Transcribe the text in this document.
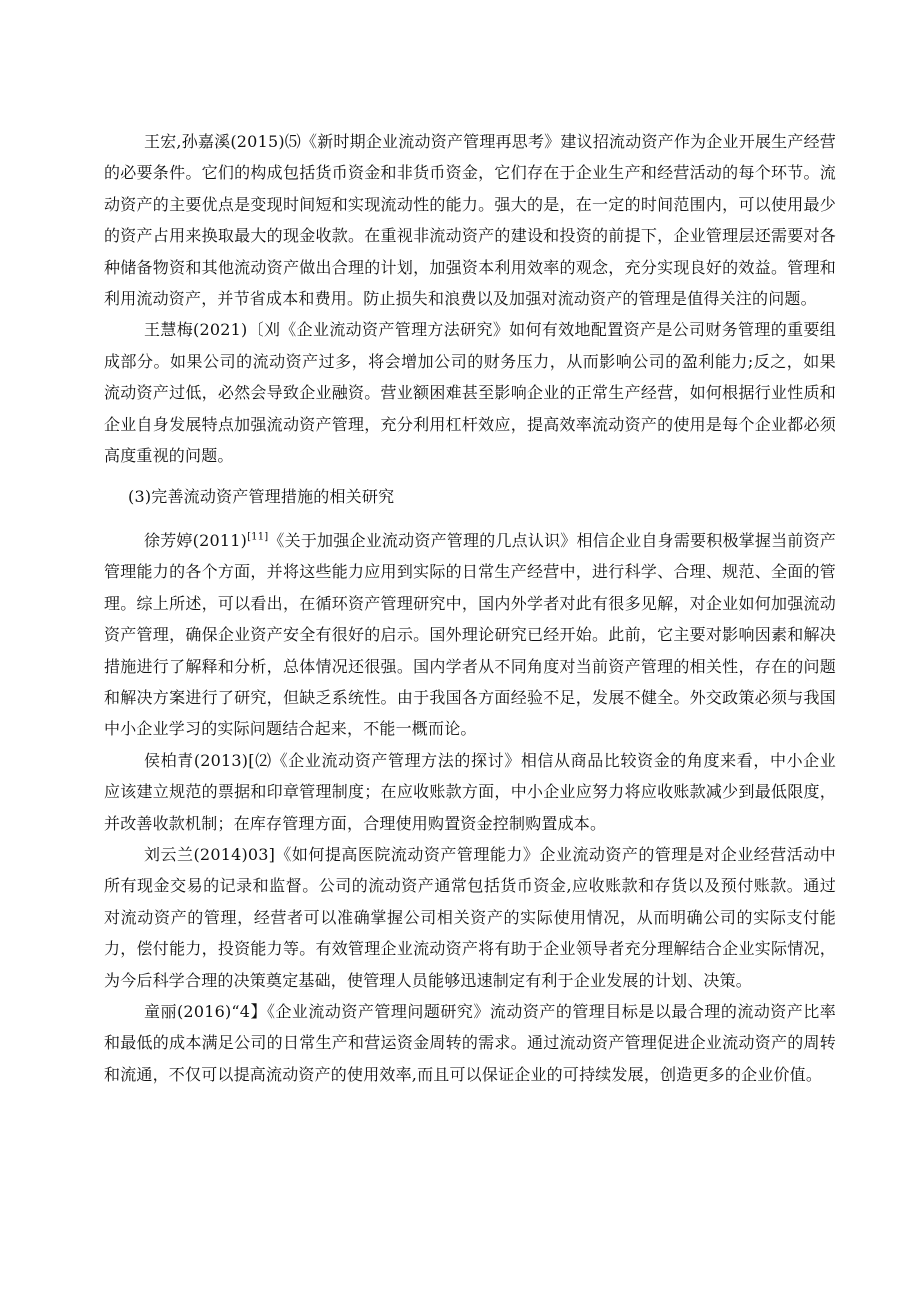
王宏,孙嘉溪(2015)⑸《新时期企业流动资产管理再思考》建议招流动资产作为企业开展生产经营的必要条件。它们的构成包括货币资金和非货币资金，它们存在于企业生产和经营活动的每个环节。流动资产的主要优点是变现时间短和实现流动性的能力。强大的是，在一定的时间范围内，可以使用最少的资产占用来换取最大的现金收款。在重视非流动资产的建设和投资的前提下，企业管理层还需要对各种储备物资和其他流动资产做出合理的计划，加强资本利用效率的观念，充分实现良好的效益。管理和利用流动资产，并节省成本和费用。防止损失和浪费以及加强对流动资产的管理是值得关注的问题。

王慧梅(2021)〔刈《企业流动资产管理方法研究》如何有效地配置资产是公司财务管理的重要组成部分。如果公司的流动资产过多，将会增加公司的财务压力，从而影响公司的盈利能力;反之，如果流动资产过低，必然会导致企业融资。营业额困难甚至影响企业的正常生产经营，如何根据行业性质和企业自身发展特点加强流动资产管理，充分利用杠杆效应，提高效率流动资产的使用是每个企业都必须高度重视的问题。

(3)完善流动资产管理措施的相关研究

徐芳婷(2011)[11]《关于加强企业流动资产管理的几点认识》相信企业自身需要积极掌握当前资产管理能力的各个方面，并将这些能力应用到实际的日常生产经营中，进行科学、合理、规范、全面的管理。综上所述，可以看出，在循环资产管理研究中，国内外学者对此有很多见解，对企业如何加强流动资产管理，确保企业资产安全有很好的启示。国外理论研究已经开始。此前，它主要对影响因素和解决措施进行了解释和分析，总体情况还很强。国内学者从不同角度对当前资产管理的相关性，存在的问题和解决方案进行了研究，但缺乏系统性。由于我国各方面经验不足，发展不健全。外交政策必须与我国中小企业学习的实际问题结合起来，不能一概而论。

侯柏青(2013)[⑵《企业流动资产管理方法的探讨》相信从商品比较资金的角度来看，中小企业应该建立规范的票据和印章管理制度；在应收账款方面，中小企业应努力将应收账款减少到最低限度，并改善收款机制；在库存管理方面，合理使用购置资金控制购置成本。

刘云兰(2014)03]《如何提高医院流动资产管理能力》企业流动资产的管理是对企业经营活动中所有现金交易的记录和监督。公司的流动资产通常包括货币资金,应收账款和存货以及预付账款。通过对流动资产的管理，经营者可以准确掌握公司相关资产的实际使用情况，从而明确公司的实际支付能力，偿付能力，投资能力等。有效管理企业流动资产将有助于企业领导者充分理解结合企业实际情况，为今后科学合理的决策奠定基础，使管理人员能够迅速制定有利于企业发展的计划、决策。

童丽(2016)“4】《企业流动资产管理问题研究》流动资产的管理目标是以最合理的流动资产比率和最低的成本满足公司的日常生产和营运资金周转的需求。通过流动资产管理促进企业流动资产的周转和流通，不仅可以提高流动资产的使用效率,而且可以保证企业的可持续发展，创造更多的企业价值。
